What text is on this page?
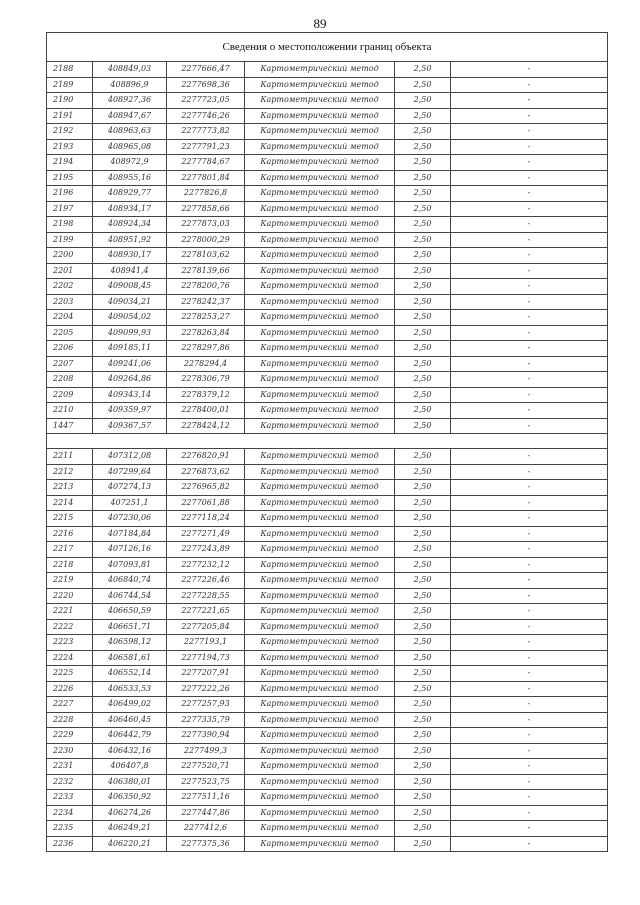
89
Сведения о местоположении границ объекта					
2188	408849,03	2277666,47	Картометрический метод	2,50	-
2189	408896,9	2277698,36	Картометрический метод	2,50	-
2190	408927,36	2277723,05	Картометрический метод	2,50	-
2191	408947,67	2277746,26	Картометрический метод	2,50	-
2192	408963,63	2277773,82	Картометрический метод	2,50	-
2193	408965,08	2277791,23	Картометрический метод	2,50	-
2194	408972,9	2277784,67	Картометрический метод	2,50	-
2195	408955,16	2277801,84	Картометрический метод	2,50	-
2196	408929,77	2277826,8	Картометрический метод	2,50	-
2197	408934,17	2277858,66	Картометрический метод	2,50	-
2198	408924,34	2277873,03	Картометрический метод	2,50	-
2199	408951,92	2278000,29	Картометрический метод	2,50	-
2200	408930,17	2278103,62	Картометрический метод	2,50	-
2201	408941,4	2278139,66	Картометрический метод	2,50	-
2202	409008,45	2278200,76	Картометрический метод	2,50	-
2203	409034,21	2278242,37	Картометрический метод	2,50	-
2204	409054,02	2278253,27	Картометрический метод	2,50	-
2205	409099,93	2278263,84	Картометрический метод	2,50	-
2206	409185,11	2278297,86	Картометрический метод	2,50	-
2207	409241,06	2278294,4	Картометрический метод	2,50	-
2208	409264,86	2278306,79	Картометрический метод	2,50	-
2209	409343,14	2278379,12	Картометрический метод	2,50	-
2210	409359,97	2278400,01	Картометрический метод	2,50	-
1447	409367,57	2278424,12	Картометрический метод	2,50	-

2211	407312,08	2276820,91	Картометрический метод	2,50	-
2212	407299,64	2276873,62	Картометрический метод	2,50	-
2213	407274,13	2276965,82	Картометрический метод	2,50	-
2214	407251,1	2277061,88	Картометрический метод	2,50	-
2215	407230,06	2277118,24	Картометрический метод	2,50	-
2216	407184,84	2277271,49	Картометрический метод	2,50	-
2217	407126,16	2277243,89	Картометрический метод	2,50	-
2218	407093,81	2277232,12	Картометрический метод	2,50	-
2219	406840,74	2277226,46	Картометрический метод	2,50	-
2220	406744,54	2277228,55	Картометрический метод	2,50	-
2221	406650,59	2277221,65	Картометрический метод	2,50	-
2222	406651,71	2277205,84	Картометрический метод	2,50	-
2223	406598,12	2277193,1	Картометрический метод	2,50	-
2224	406581,61	2277194,73	Картометрический метод	2,50	-
2225	406552,14	2277207,91	Картометрический метод	2,50	-
2226	406533,53	2277222,26	Картометрический метод	2,50	-
2227	406499,02	2277257,93	Картометрический метод	2,50	-
2228	406460,45	2277335,79	Картометрический метод	2,50	-
2229	406442,79	2277390,94	Картометрический метод	2,50	-
2230	406432,16	2277499,3	Картометрический метод	2,50	-
2231	406407,8	2277520,71	Картометрический метод	2,50	-
2232	406380,01	2277523,75	Картометрический метод	2,50	-
2233	406350,92	2277511,16	Картометрический метод	2,50	-
2234	406274,26	2277447,86	Картометрический метод	2,50	-
2235	406249,21	2277412,6	Картометрический метод	2,50	-
2236	406220,21	2277375,36	Картометрический метод	2,50	-
